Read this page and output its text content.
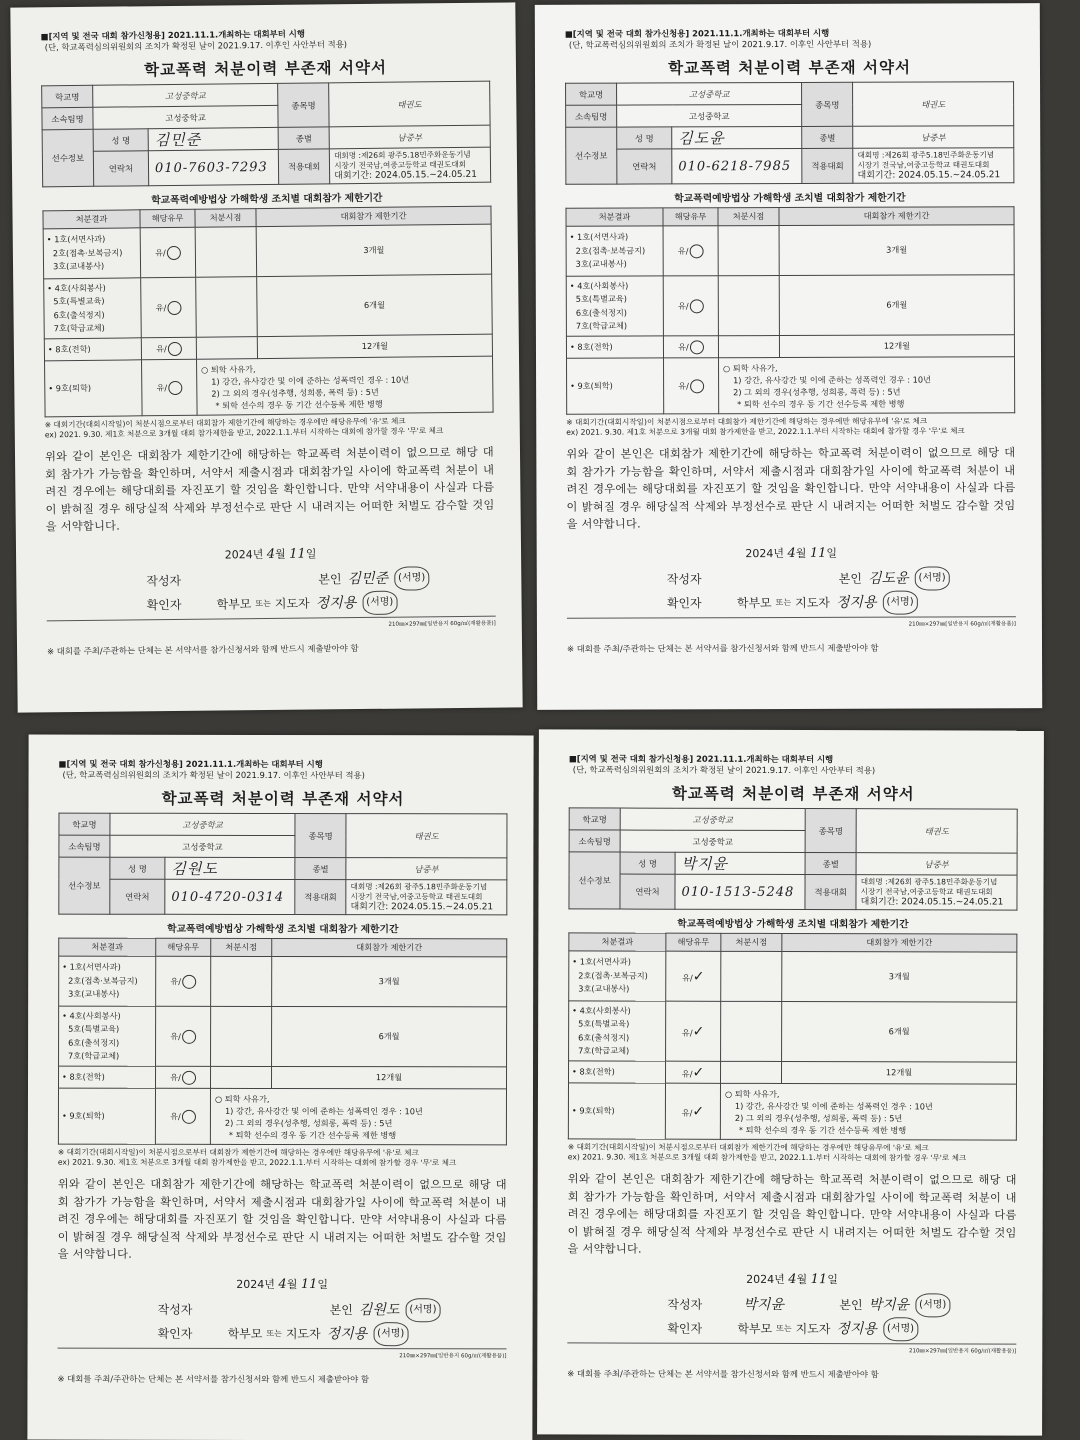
■[지역 및 전국 대회 참가신청용] 2021.11.1.개최하는 대회부터 시행
(단, 학교폭력심의위원회의 조치가 확정된 날이 2021.9.17. 이후인 사안부터 적용)
학교폭력 처분이력 부존재 서약서
학교명	고성중학교		종목명	태권도
소속팀명	고성중학교			
선수정보	성 명	김민준	종별	남중부
	연락처	010-7603-7293	적용대회	대회명 :제26회 광주5.18민주화운동기념
시장기 전국남,여중고등학교 태권도대회
대회기간: 2024.05.15.~24.05.21
학교폭력예방법상 가해학생 조치별 대회참가 제한기간
처분결과	해당유무	처분시점	대회참가 제한기간

• 1호(서면사과)
2호(접촉·보복금지)
3호(교내봉사)	유/		3개월

• 4호(사회봉사)
5호(특별교육)
6호(출석정지)
7호(학급교체)	유/		6개월

• 8호(전학)	유/		12개월

• 9호(퇴학)	유/	○ 퇴학 사유가,
1) 강간, 유사강간 및 이에 준하는 성폭력인 경우 : 10년
2) 그 외의 경우(성추행, 성희롱, 폭력 등) : 5년
* 퇴학 선수의 경우 동 기간 선수등록 제한 병행	
※ 대회기간(대회시작일)이 처분시점으로부터 대회참가 제한기간에 해당하는 경우에만 해당유무에 '유'로 체크
ex) 2021. 9.30. 제1호 처분으로 3개월 대회 참가제한을 받고, 2022.1.1.부터 시작하는 대회에 참가할 경우 '무'로 체크
위와 같이 본인은 대회참가 제한기간에 해당하는 학교폭력 처분이력이 없으므로 해당 대회 참가가 가능함을 확인하며, 서약서 제출시점과 대회참가일 사이에 학교폭력 처분이 내려진 경우에는 해당대회를 자진포기 할 것임을 확인합니다. 만약 서약내용이 사실과 다름이 밝혀질 경우 해당실적 삭제와 부정선수로 판단 시 내려지는 어떠한 처벌도 감수할 것임을 서약합니다.
2024년 4월 11일
작성자	본인 김민준 (서명)
확인자	학부모 또는 지도자 정지용 (서명)
210㎜×297㎜[일반용지 60g/㎡(재활용품)]
※ 대회를 주최/주관하는 단체는 본 서약서를 참가신청서와 함께 반드시 제출받아야 함
■[지역 및 전국 대회 참가신청용] 2021.11.1.개최하는 대회부터 시행
(단, 학교폭력심의위원회의 조치가 확정된 날이 2021.9.17. 이후인 사안부터 적용)
학교폭력 처분이력 부존재 서약서
학교명	고성중학교		종목명	태권도
소속팀명	고성중학교			
선수정보	성 명	김도윤	종별	남중부
	연락처	010-6218-7985	적용대회	대회명 :제26회 광주5.18민주화운동기념
시장기 전국남,여중고등학교 태권도대회
대회기간: 2024.05.15.~24.05.21
학교폭력예방법상 가해학생 조치별 대회참가 제한기간
처분결과	해당유무	처분시점	대회참가 제한기간

• 1호(서면사과)
2호(접촉·보복금지)
3호(교내봉사)	유/		3개월

• 4호(사회봉사)
5호(특별교육)
6호(출석정지)
7호(학급교체)	유/		6개월

• 8호(전학)	유/		12개월

• 9호(퇴학)	유/	○ 퇴학 사유가,
1) 강간, 유사강간 및 이에 준하는 성폭력인 경우 : 10년
2) 그 외의 경우(성추행, 성희롱, 폭력 등) : 5년
* 퇴학 선수의 경우 동 기간 선수등록 제한 병행	
※ 대회기간(대회시작일)이 처분시점으로부터 대회참가 제한기간에 해당하는 경우에만 해당유무에 '유'로 체크
ex) 2021. 9.30. 제1호 처분으로 3개월 대회 참가제한을 받고, 2022.1.1.부터 시작하는 대회에 참가할 경우 '무'로 체크
위와 같이 본인은 대회참가 제한기간에 해당하는 학교폭력 처분이력이 없으므로 해당 대회 참가가 가능함을 확인하며, 서약서 제출시점과 대회참가일 사이에 학교폭력 처분이 내려진 경우에는 해당대회를 자진포기 할 것임을 확인합니다. 만약 서약내용이 사실과 다름이 밝혀질 경우 해당실적 삭제와 부정선수로 판단 시 내려지는 어떠한 처벌도 감수할 것임을 서약합니다.
2024년 4월 11일
작성자	본인 김도윤 (서명)
확인자	학부모 또는 지도자 정지용 (서명)
210㎜×297㎜[일반용지 60g/㎡(재활용품)]
※ 대회를 주최/주관하는 단체는 본 서약서를 참가신청서와 함께 반드시 제출받아야 함
■[지역 및 전국 대회 참가신청용] 2021.11.1.개최하는 대회부터 시행
(단, 학교폭력심의위원회의 조치가 확정된 날이 2021.9.17. 이후인 사안부터 적용)
학교폭력 처분이력 부존재 서약서
학교명	고성중학교		종목명	태권도
소속팀명	고성중학교			
선수정보	성 명	김원도	종별	남중부
	연락처	010-4720-0314	적용대회	대회명 :제26회 광주5.18민주화운동기념
시장기 전국남,여중고등학교 태권도대회
대회기간: 2024.05.15.~24.05.21
학교폭력예방법상 가해학생 조치별 대회참가 제한기간
처분결과	해당유무	처분시점	대회참가 제한기간

• 1호(서면사과)
2호(접촉·보복금지)
3호(교내봉사)	유/		3개월

• 4호(사회봉사)
5호(특별교육)
6호(출석정지)
7호(학급교체)	유/		6개월

• 8호(전학)	유/		12개월

• 9호(퇴학)	유/	○ 퇴학 사유가,
1) 강간, 유사강간 및 이에 준하는 성폭력인 경우 : 10년
2) 그 외의 경우(성추행, 성희롱, 폭력 등) : 5년
* 퇴학 선수의 경우 동 기간 선수등록 제한 병행	
※ 대회기간(대회시작일)이 처분시점으로부터 대회참가 제한기간에 해당하는 경우에만 해당유무에 '유'로 체크
ex) 2021. 9.30. 제1호 처분으로 3개월 대회 참가제한을 받고, 2022.1.1.부터 시작하는 대회에 참가할 경우 '무'로 체크
위와 같이 본인은 대회참가 제한기간에 해당하는 학교폭력 처분이력이 없으므로 해당 대회 참가가 가능함을 확인하며, 서약서 제출시점과 대회참가일 사이에 학교폭력 처분이 내려진 경우에는 해당대회를 자진포기 할 것임을 확인합니다. 만약 서약내용이 사실과 다름이 밝혀질 경우 해당실적 삭제와 부정선수로 판단 시 내려지는 어떠한 처벌도 감수할 것임을 서약합니다.
2024년 4월 11일
작성자	본인 김원도 (서명)
확인자	학부모 또는 지도자 정지용 (서명)
210㎜×297㎜[일반용지 60g/㎡(재활용품)]
※ 대회를 주최/주관하는 단체는 본 서약서를 참가신청서와 함께 반드시 제출받아야 함
■[지역 및 전국 대회 참가신청용] 2021.11.1.개최하는 대회부터 시행
(단, 학교폭력심의위원회의 조치가 확정된 날이 2021.9.17. 이후인 사안부터 적용)
학교폭력 처분이력 부존재 서약서
학교명	고성중학교		종목명	태권도
소속팀명	고성중학교			
선수정보	성 명	박지윤	종별	남중부
	연락처	010-1513-5248	적용대회	대회명 :제26회 광주5.18민주화운동기념
시장기 전국남,여중고등학교 태권도대회
대회기간: 2024.05.15.~24.05.21
학교폭력예방법상 가해학생 조치별 대회참가 제한기간
처분결과	해당유무	처분시점	대회참가 제한기간

• 1호(서면사과)
2호(접촉·보복금지)
3호(교내봉사)	유/✓		3개월

• 4호(사회봉사)
5호(특별교육)
6호(출석정지)
7호(학급교체)	유/✓		6개월

• 8호(전학)	유/✓		12개월

• 9호(퇴학)	유/✓	○ 퇴학 사유가,
1) 강간, 유사강간 및 이에 준하는 성폭력인 경우 : 10년
2) 그 외의 경우(성추행, 성희롱, 폭력 등) : 5년
* 퇴학 선수의 경우 동 기간 선수등록 제한 병행	
※ 대회기간(대회시작일)이 처분시점으로부터 대회참가 제한기간에 해당하는 경우에만 해당유무에 '유'로 체크
ex) 2021. 9.30. 제1호 처분으로 3개월 대회 참가제한을 받고, 2022.1.1.부터 시작하는 대회에 참가할 경우 '무'로 체크
위와 같이 본인은 대회참가 제한기간에 해당하는 학교폭력 처분이력이 없으므로 해당 대회 참가가 가능함을 확인하며, 서약서 제출시점과 대회참가일 사이에 학교폭력 처분이 내려진 경우에는 해당대회를 자진포기 할 것임을 확인합니다. 만약 서약내용이 사실과 다름이 밝혀질 경우 해당실적 삭제와 부정선수로 판단 시 내려지는 어떠한 처벌도 감수할 것임을 서약합니다.
2024년 4월 11일
작성자	박지윤	본인 박지윤 (서명)
확인자	학부모 또는 지도자 정지용 (서명)
210㎜×297㎜[일반용지 60g/㎡(재활용품)]
※ 대회를 주최/주관하는 단체는 본 서약서를 참가신청서와 함께 반드시 제출받아야 함
